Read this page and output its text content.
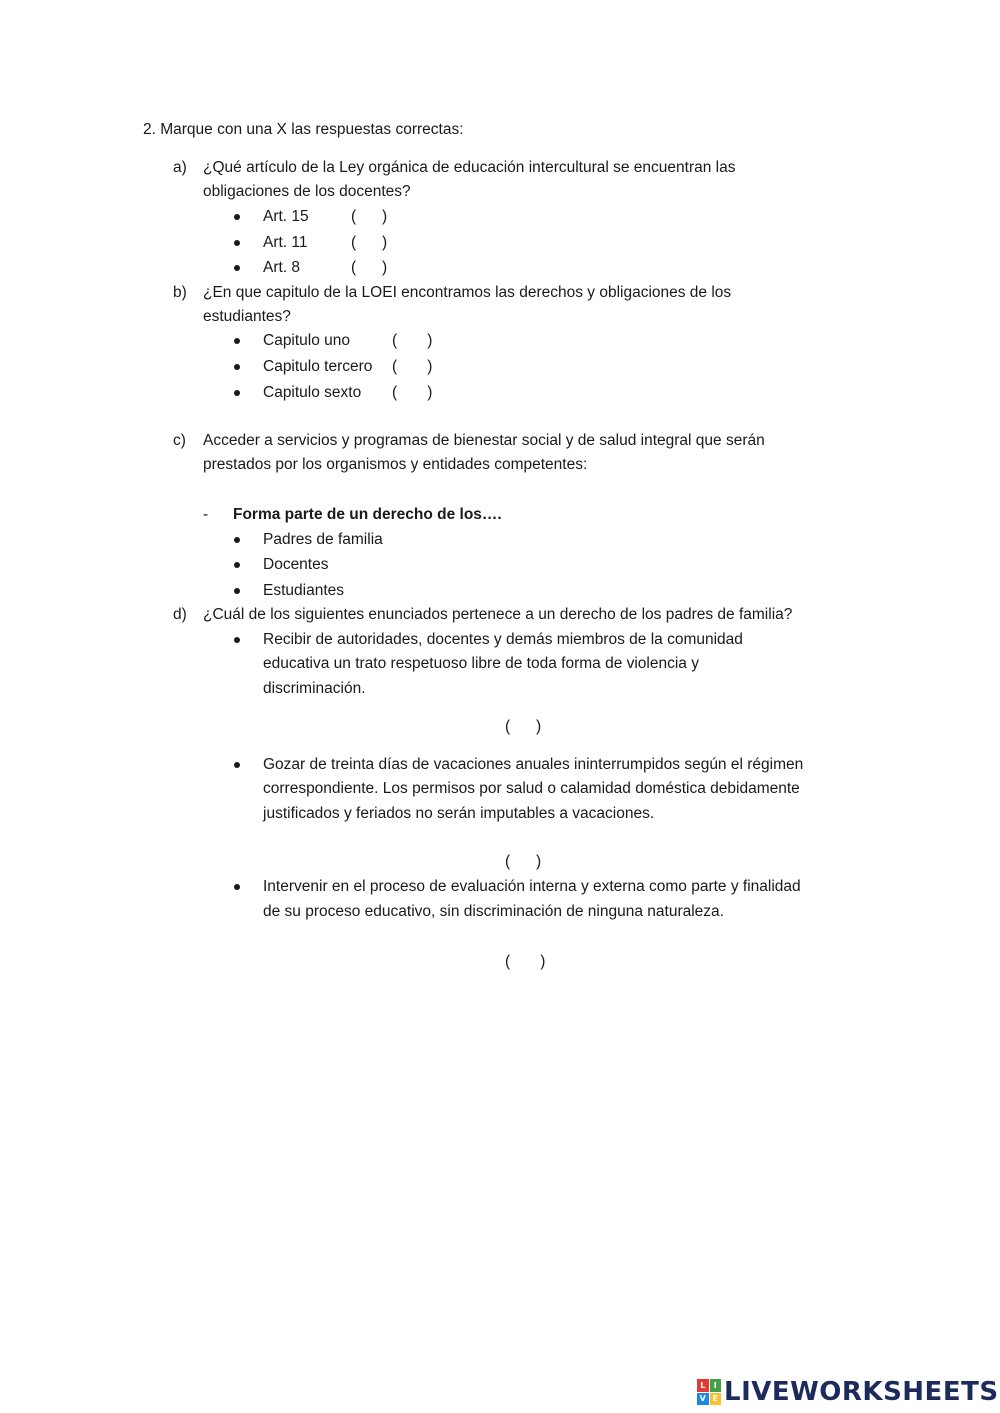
2. Marque con una X las respuestas correctas:
a) ¿Qué artículo de la Ley orgánica de educación intercultural se encuentran las
obligaciones de los docentes?
Art. 15	(      )
Art. 11	(      )
Art. 8	(      )
b) ¿En que capitulo de la LOEI encontramos las derechos y obligaciones de los
estudiantes?
Capitulo uno	(       )
Capitulo tercero (       )
Capitulo sexto (       )
c) Acceder a servicios y programas de bienestar social y de salud integral que serán
prestados por los organismos y entidades competentes:
- Forma parte de un derecho de los….
Padres de familia
Docentes
Estudiantes
d) ¿Cuál de los siguientes enunciados pertenece a un derecho de los padres de familia?
Recibir de autoridades, docentes y demás miembros de la comunidad
educativa un trato respetuoso libre de toda forma de violencia y
discriminación.
(      )
Gozar de treinta días de vacaciones anuales ininterrumpidos según el régimen
correspondiente. Los permisos por salud o calamidad doméstica debidamente
justificados y feriados no serán imputables a vacaciones.
(      )
Intervenir en el proceso de evaluación interna y externa como parte y finalidad
de su proceso educativo, sin discriminación de ninguna naturaleza.
(       )
L	I
V E LIVEWORKSHEETS
